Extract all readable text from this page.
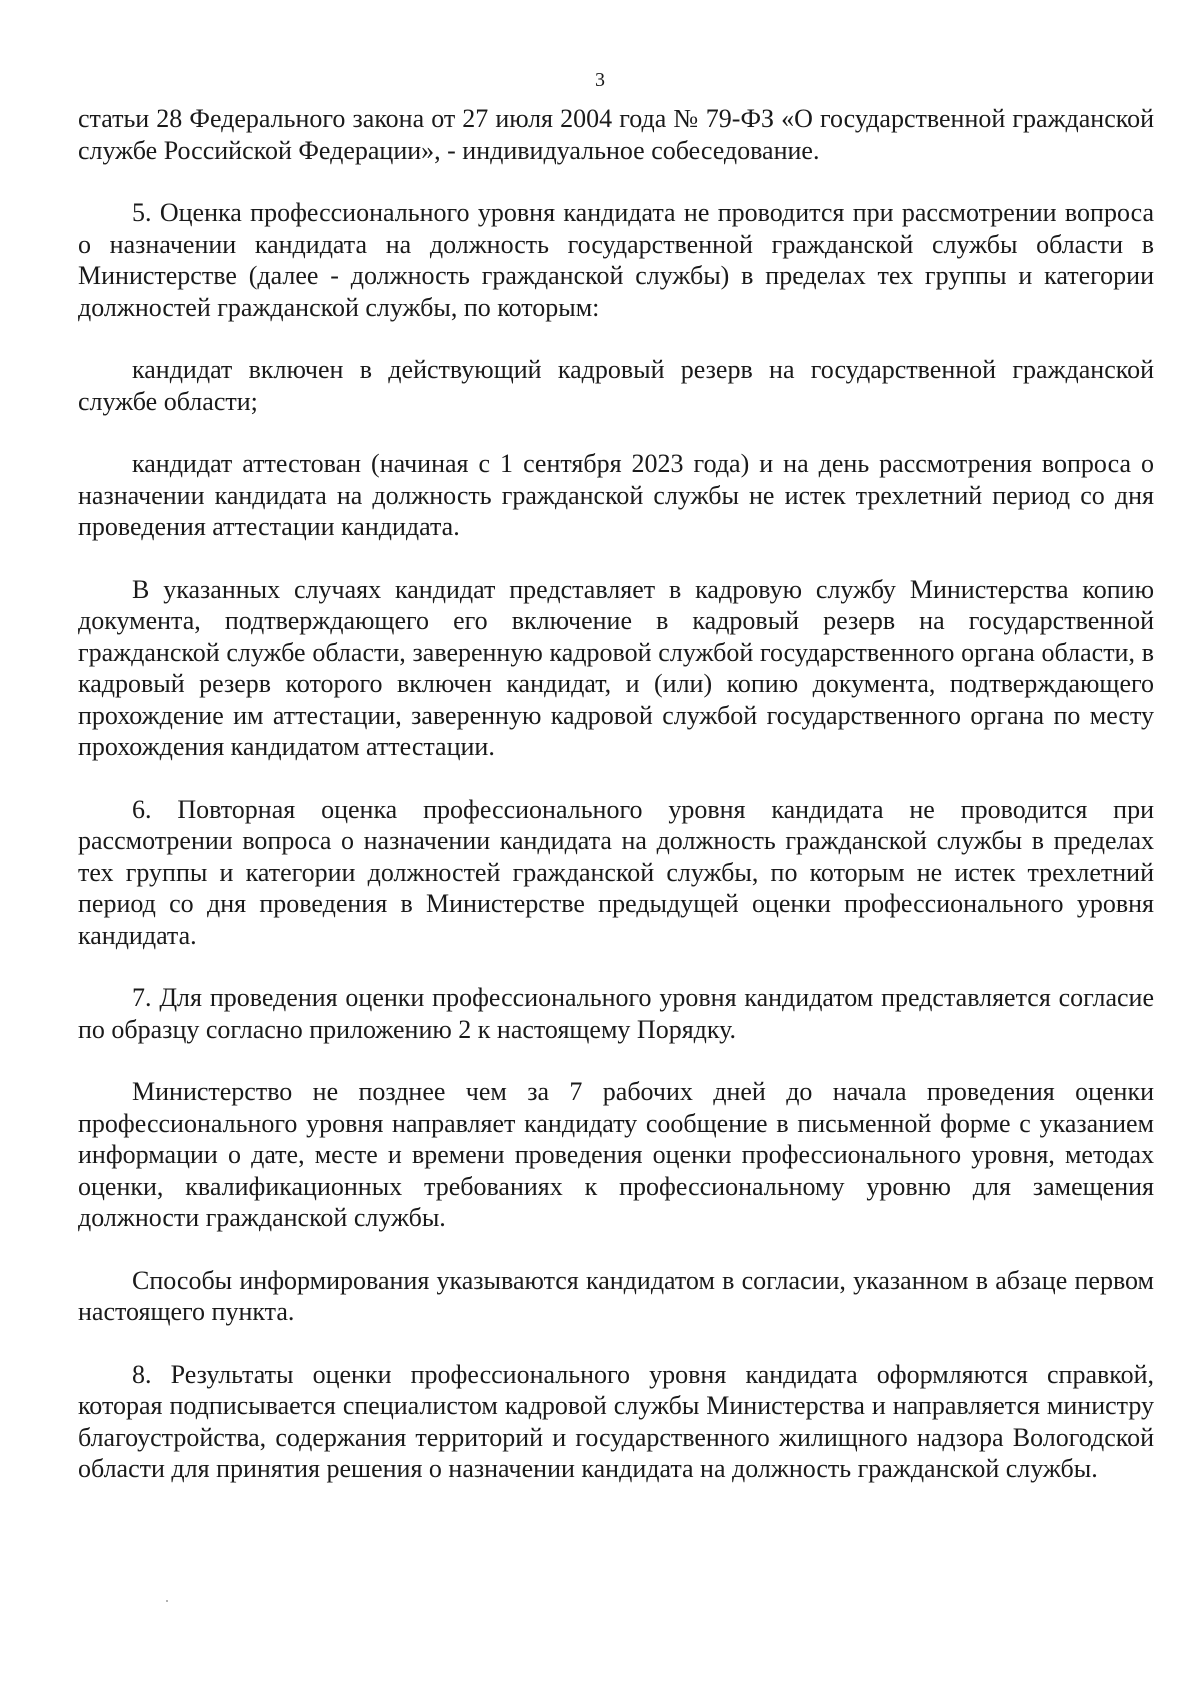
3

статьи 28 Федерального закона от 27 июля 2004 года № 79-ФЗ «О государственной гражданской службе Российской Федерации», - индивидуальное собеседование.

5. Оценка профессионального уровня кандидата не проводится при рассмотрении вопроса о назначении кандидата на должность государственной гражданской службы области в Министерстве (далее - должность гражданской службы) в пределах тех группы и категории должностей гражданской службы, по которым:

кандидат включен в действующий кадровый резерв на государственной гражданской службе области;

кандидат аттестован (начиная с 1 сентября 2023 года) и на день рассмотрения вопроса о назначении кандидата на должность гражданской службы не истек трехлетний период со дня проведения аттестации кандидата.

В указанных случаях кандидат представляет в кадровую службу Министерства копию документа, подтверждающего его включение в кадровый резерв на государственной гражданской службе области, заверенную кадровой службой государственного органа области, в кадровый резерв которого включен кандидат, и (или) копию документа, подтверждающего прохождение им аттестации, заверенную кадровой службой государственного органа по месту прохождения кандидатом аттестации.

6. Повторная оценка профессионального уровня кандидата не проводится при рассмотрении вопроса о назначении кандидата на должность гражданской службы в пределах тех группы и категории должностей гражданской службы, по которым не истек трехлетний период со дня проведения в Министерстве предыдущей оценки профессионального уровня кандидата.

7. Для проведения оценки профессионального уровня кандидатом представляется согласие по образцу согласно приложению 2 к настоящему Порядку.

Министерство не позднее чем за 7 рабочих дней до начала проведения оценки профессионального уровня направляет кандидату сообщение в письменной форме с указанием информации о дате, месте и времени проведения оценки профессионального уровня, методах оценки, квалификационных требованиях к профессиональному уровню для замещения должности гражданской службы.

Способы информирования указываются кандидатом в согласии, указанном в абзаце первом настоящего пункта.

8. Результаты оценки профессионального уровня кандидата оформляются справкой, которая подписывается специалистом кадровой службы Министерства и направляется министру благоустройства, содержания территорий и государственного жилищного надзора Вологодской области для принятия решения о назначении кандидата на должность гражданской службы.
